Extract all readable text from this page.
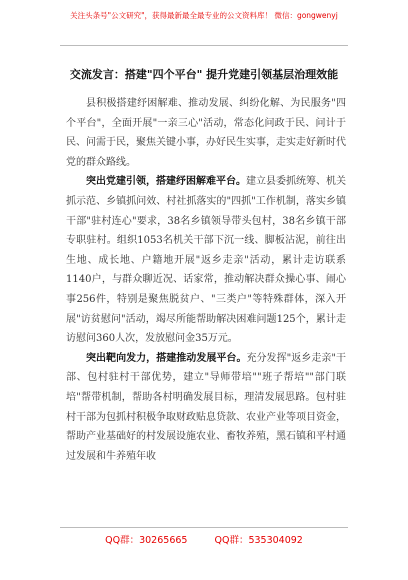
关注头条号"公文研究"，获得最新最全最专业的公文资料库！ 微信：gongwenyj
交流发言：搭建"四个平台" 提升党建引领基层治理效能

县积极搭建纾困解难、推动发展、纠纷化解、为民服务"四个平台"，全面开展"一亲三心"活动，常态化问政于民、问计于民、问需于民，聚焦关键小事，办好民生实事，走实走好新时代党的群众路线。

突出党建引领，搭建纾困解难平台。建立县委抓统筹、机关抓示范、乡镇抓问效、村社抓落实的"四抓"工作机制，落实乡镇干部"驻村连心"要求，38名乡镇领导带头包村，38名乡镇干部专职驻村。组织1053名机关干部下沉一线、脚板沾泥，前往出生地、成长地、户籍地开展"返乡走亲"活动，累计走访联系1140户，与群众聊近况、话家常，推动解决群众操心事、闹心事256件，特别是聚焦脱贫户、"三类户"等特殊群体，深入开展"访贫慰问"活动，竭尽所能帮助解决困难问题125个，累计走访慰问360人次，发放慰问金35万元。

突出靶向发力，搭建推动发展平台。充分发挥"返乡走亲"干部、包村驻村干部优势，建立"导师带培""班子帮培""部门联培"帮带机制，帮助各村明确发展目标，理清发展思路。包村驻村干部为包抓村积极争取财政贴息贷款、农业产业等项目资金，帮助产业基础好的村发展设施农业、畜牧养殖，黑石镇和平村通过发展和牛养殖年收

QQ群：30265665	QQ群：535304092
